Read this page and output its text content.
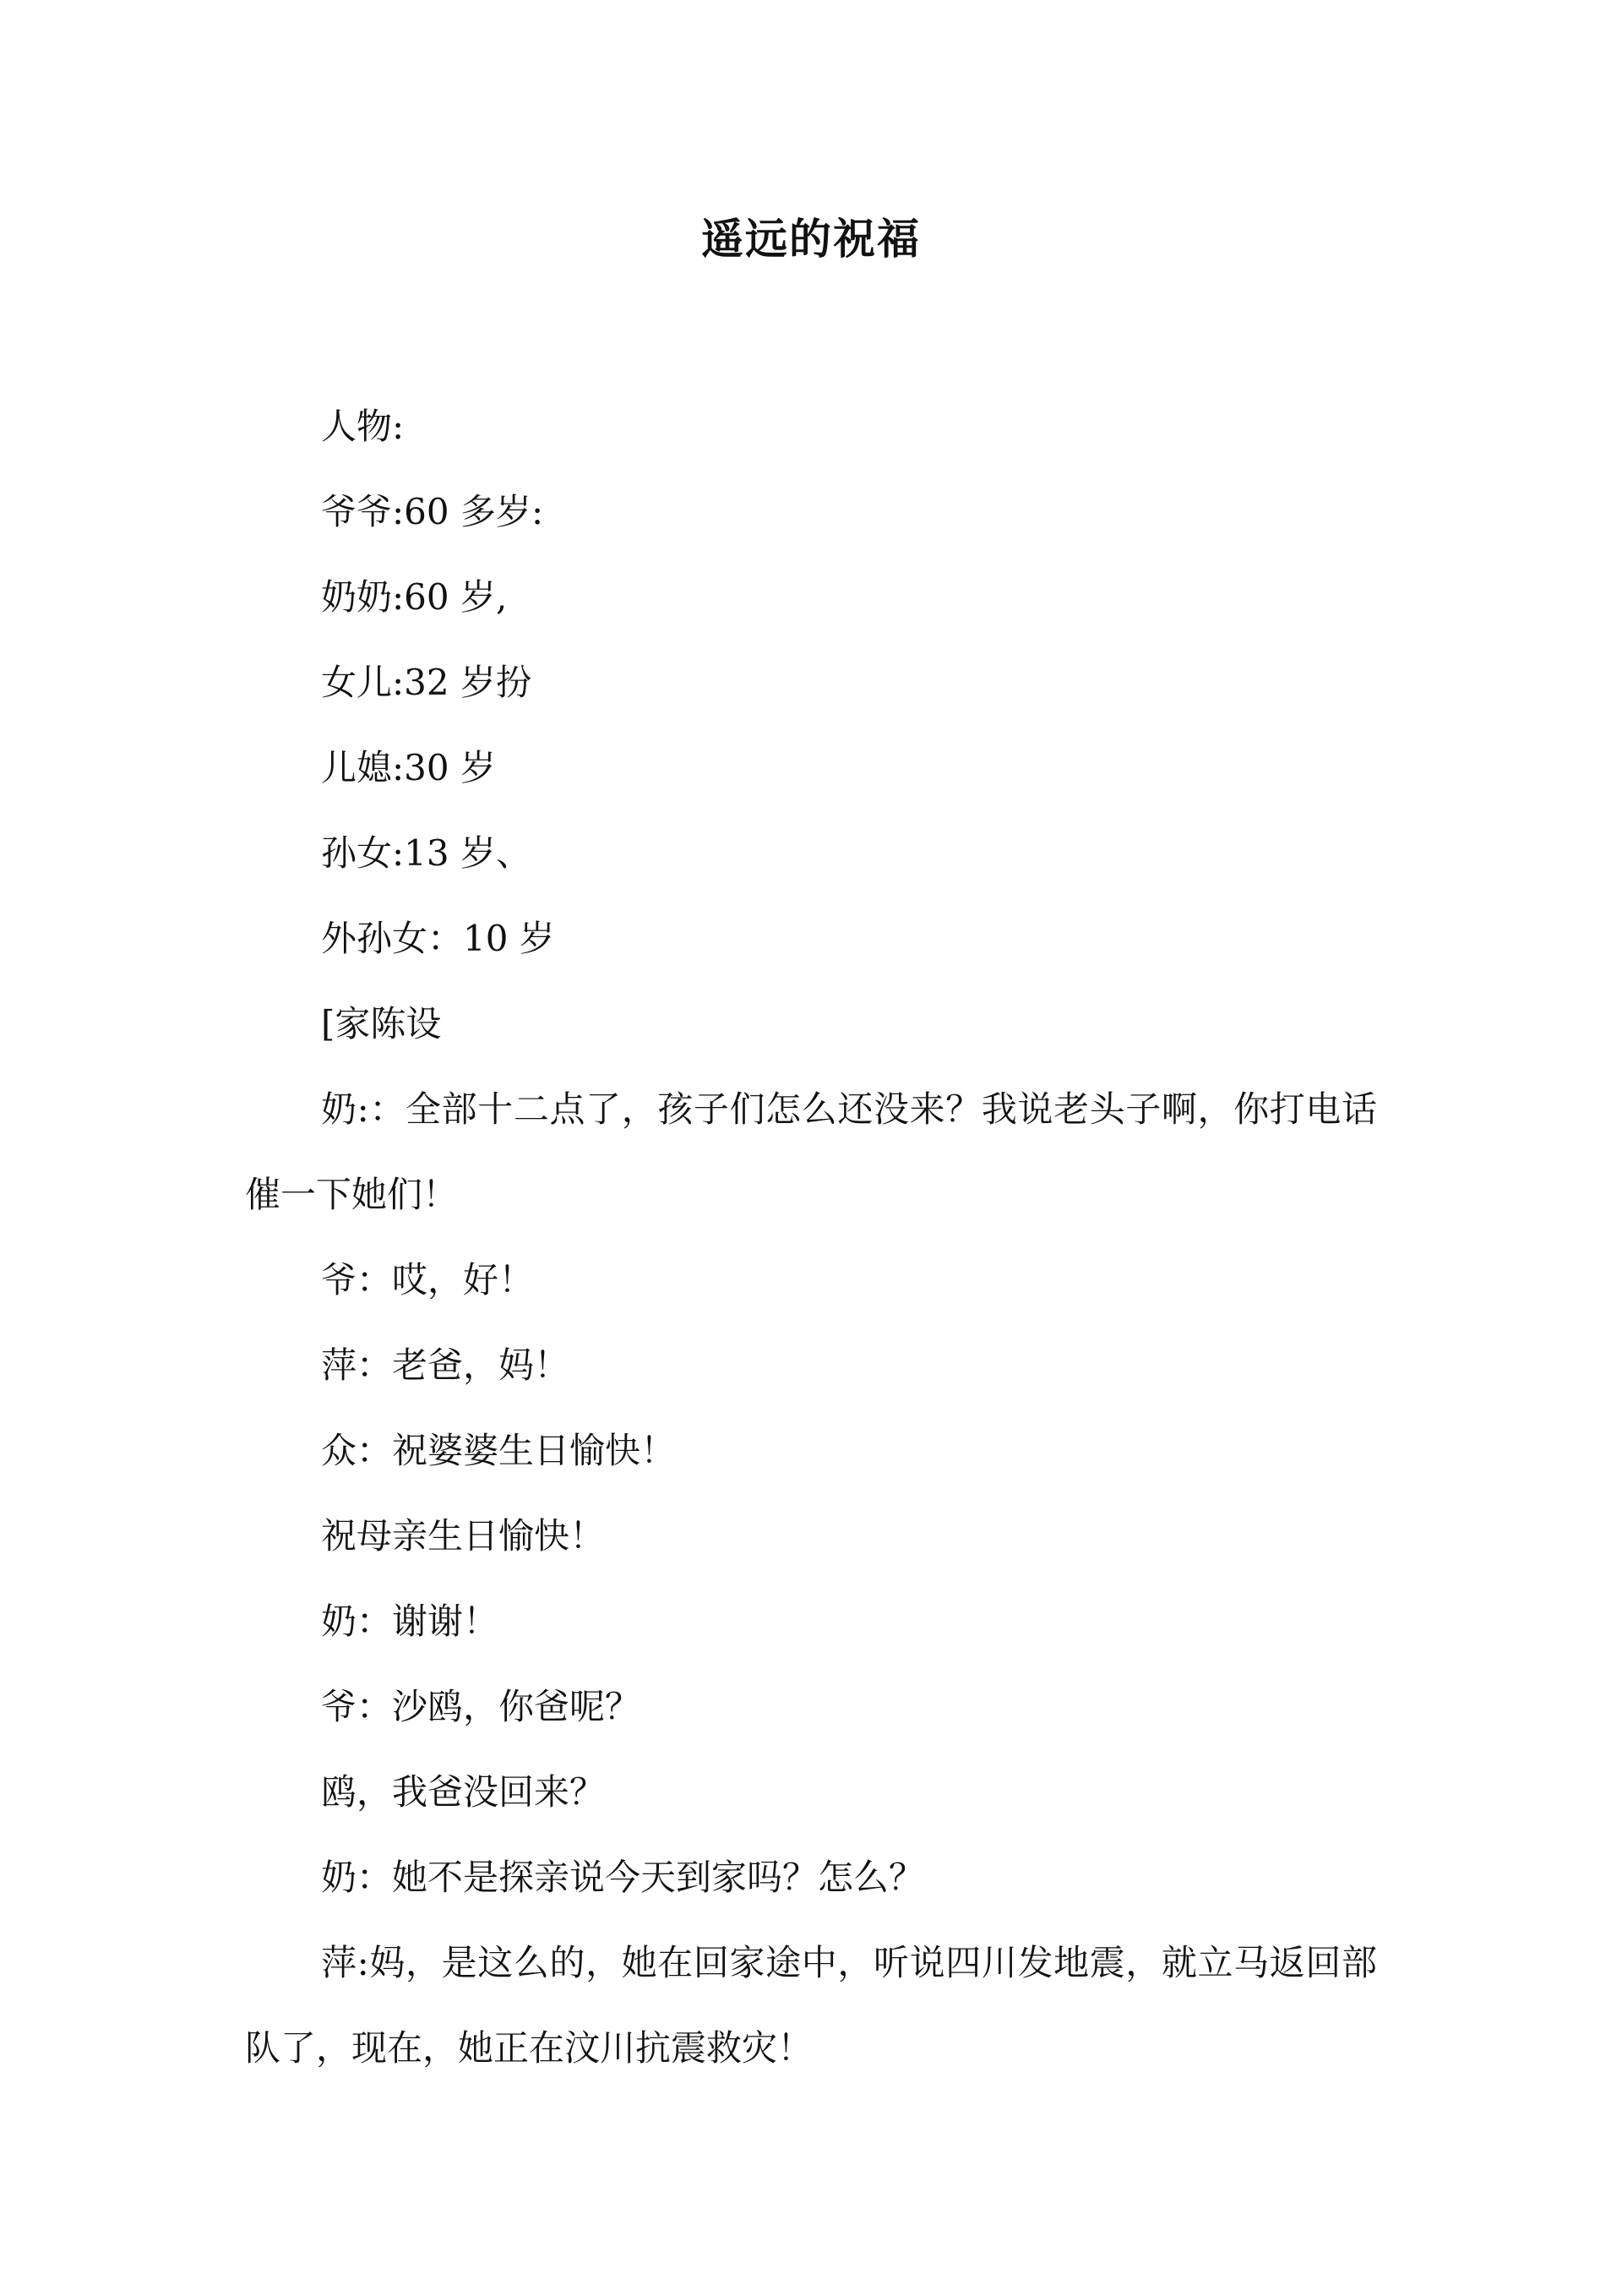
遥远的祝福

人物:

爷爷:60 多岁:

奶奶:60 岁,

女儿:32 岁扮

儿媳:30 岁

孙女:13 岁、

外孙女：10 岁

[家陈设

奶:：全部十二点了，孩子们怎么还没来？我说老头子啊，你打电话催一下她们！

爷：哎，好！

萍：老爸，妈！

众：祝婆婆生日愉快！

祝母亲生日愉快！

奶：谢谢！

爷：沙鸥，你爸呢？

鸥，我爸没回来？

奶：她不是探亲说今天到家吗？怎么？

萍:妈，是这么的，她在回家途中，听说四川发地震，就立马返回部队了，现在，她正在汶川抗震救灾！
